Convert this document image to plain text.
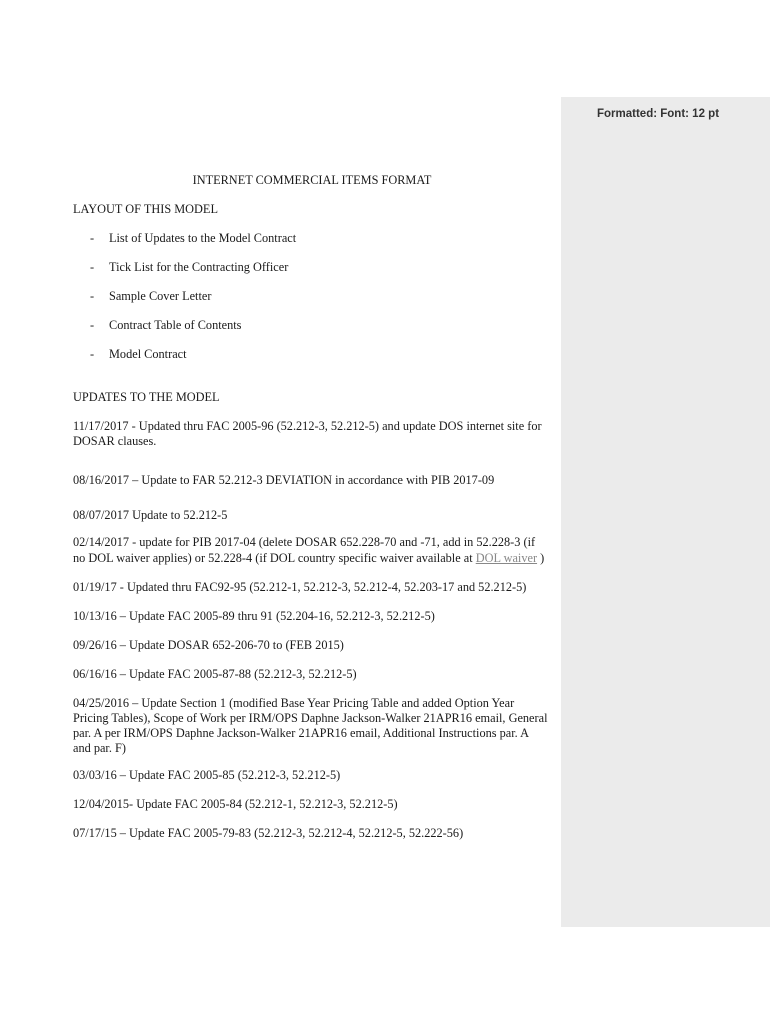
Formatted: Font: 12 pt
INTERNET COMMERCIAL ITEMS FORMAT
LAYOUT OF THIS MODEL
- List of Updates to the Model Contract
- Tick List for the Contracting Officer
- Sample Cover Letter
- Contract Table of Contents
- Model Contract
UPDATES TO THE MODEL
11/17/2017 - Updated thru FAC 2005-96 (52.212-3, 52.212-5) and update DOS internet site for
DOSAR clauses.
08/16/2017 – Update to FAR 52.212-3 DEVIATION in accordance with PIB 2017-09
08/07/2017 Update to 52.212-5
02/14/2017 - update for PIB 2017-04 (delete DOSAR 652.228-70 and -71, add in 52.228-3 (if
no DOL waiver applies) or 52.228-4 (if DOL country specific waiver available at DOL waiver )
01/19/17 - Updated thru FAC92-95 (52.212-1, 52.212-3, 52.212-4, 52.203-17 and 52.212-5)
10/13/16 – Update FAC 2005-89 thru 91 (52.204-16, 52.212-3, 52.212-5)
09/26/16 – Update DOSAR 652-206-70 to (FEB 2015)
06/16/16 – Update FAC 2005-87-88 (52.212-3, 52.212-5)
04/25/2016 – Update Section 1 (modified Base Year Pricing Table and added Option Year
Pricing Tables), Scope of Work per IRM/OPS Daphne Jackson-Walker 21APR16 email, General
par. A per IRM/OPS Daphne Jackson-Walker 21APR16 email, Additional Instructions par. A
and par. F)
03/03/16 – Update FAC 2005-85 (52.212-3, 52.212-5)
12/04/2015- Update FAC 2005-84 (52.212-1, 52.212-3, 52.212-5)
07/17/15 – Update FAC 2005-79-83 (52.212-3, 52.212-4, 52.212-5, 52.222-56)
